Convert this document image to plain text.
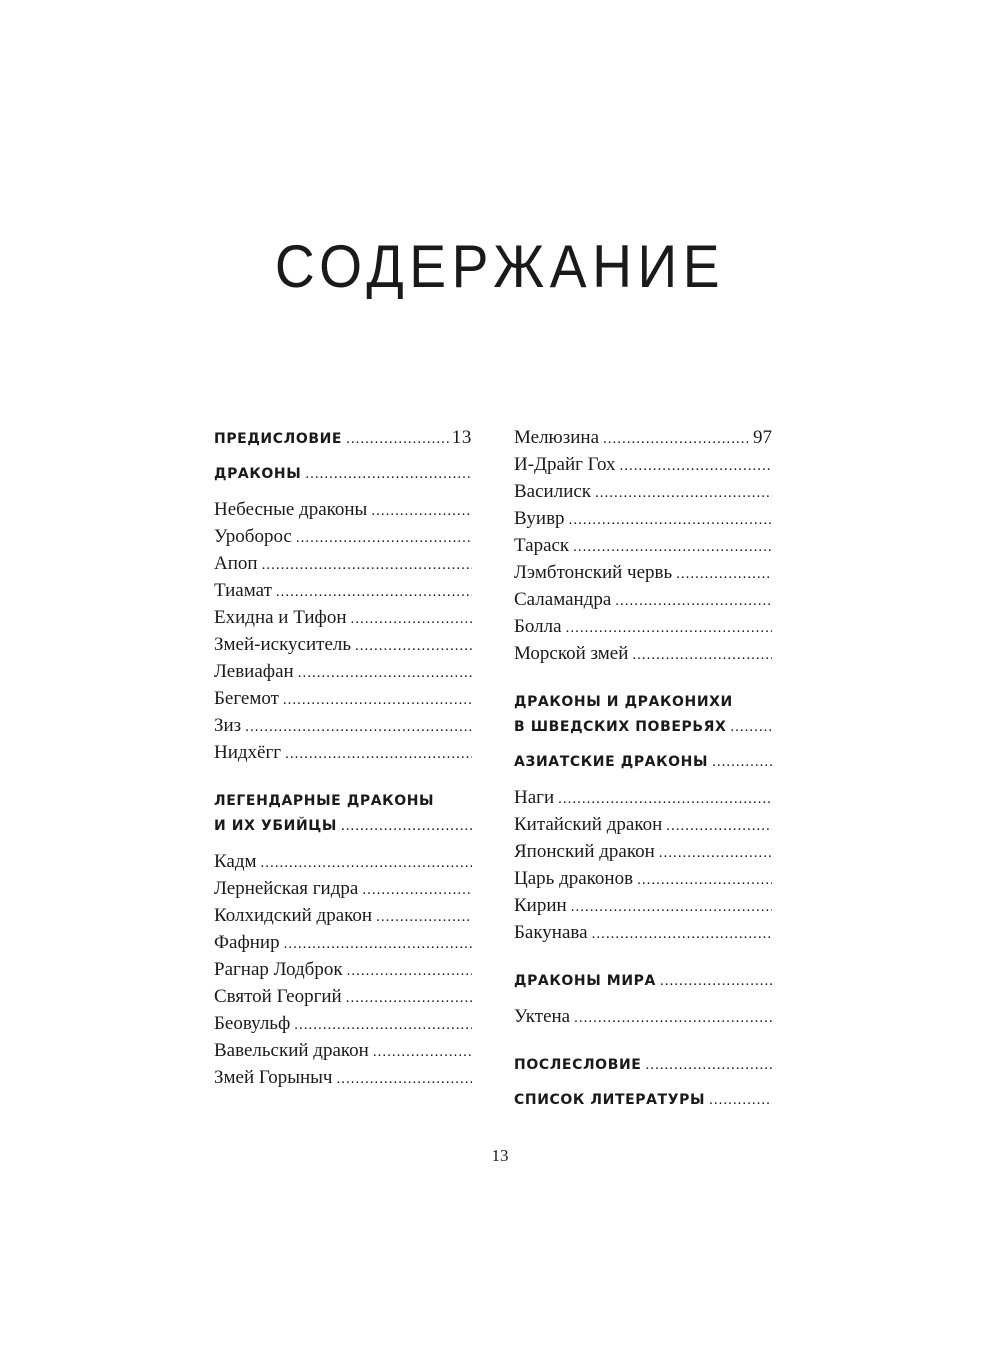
СОДЕРЖАНИЕ
ПРЕДИСЛОВИЕ .....	13
ДРАКОНЫ
.....
Небесные драконы
.....
Уроборос
.....
Апоп
.....
Тиамат
.....
Ехидна и Тифон
.....
Змей-искуситель
.....
Левиафан
.....
Бегемот
.....
Зиз
.....
Нидхёгг
.....
ЛЕГЕНДАРНЫЕ ДРАКОНЫ
И ИХ УБИЙЦЫ
.....
Кадм
.....
Лернейская гидра
.....
Колхидский дракон
.....
Фафнир
.....
Рагнар Лодброк
.....
Святой Георгий
.....
Беовульф
.....
Вавельский дракон
.....
Змей Горыныч
.....
Мелюзина .....	97
И-Драйг Гох
.....
Василиск
.....
Вуивр
.....
Тараск
.....
Лэмбтонский червь
.....
Саламандра
.....
Болла
.....
Морской змей
.....
ДРАКОНЫ И ДРАКОНИХИ
В ШВЕДСКИХ ПОВЕРЬЯХ
.....
АЗИАТСКИЕ ДРАКОНЫ
.....
Наги
.....
Китайский дракон
.....
Японский дракон
.....
Царь драконов
.....
Кирин
.....
Бакунава
.....
ДРАКОНЫ МИРА
.....
Уктена
.....
ПОСЛЕСЛОВИЕ
.....
СПИСОК ЛИТЕРАТУРЫ
.....
13
